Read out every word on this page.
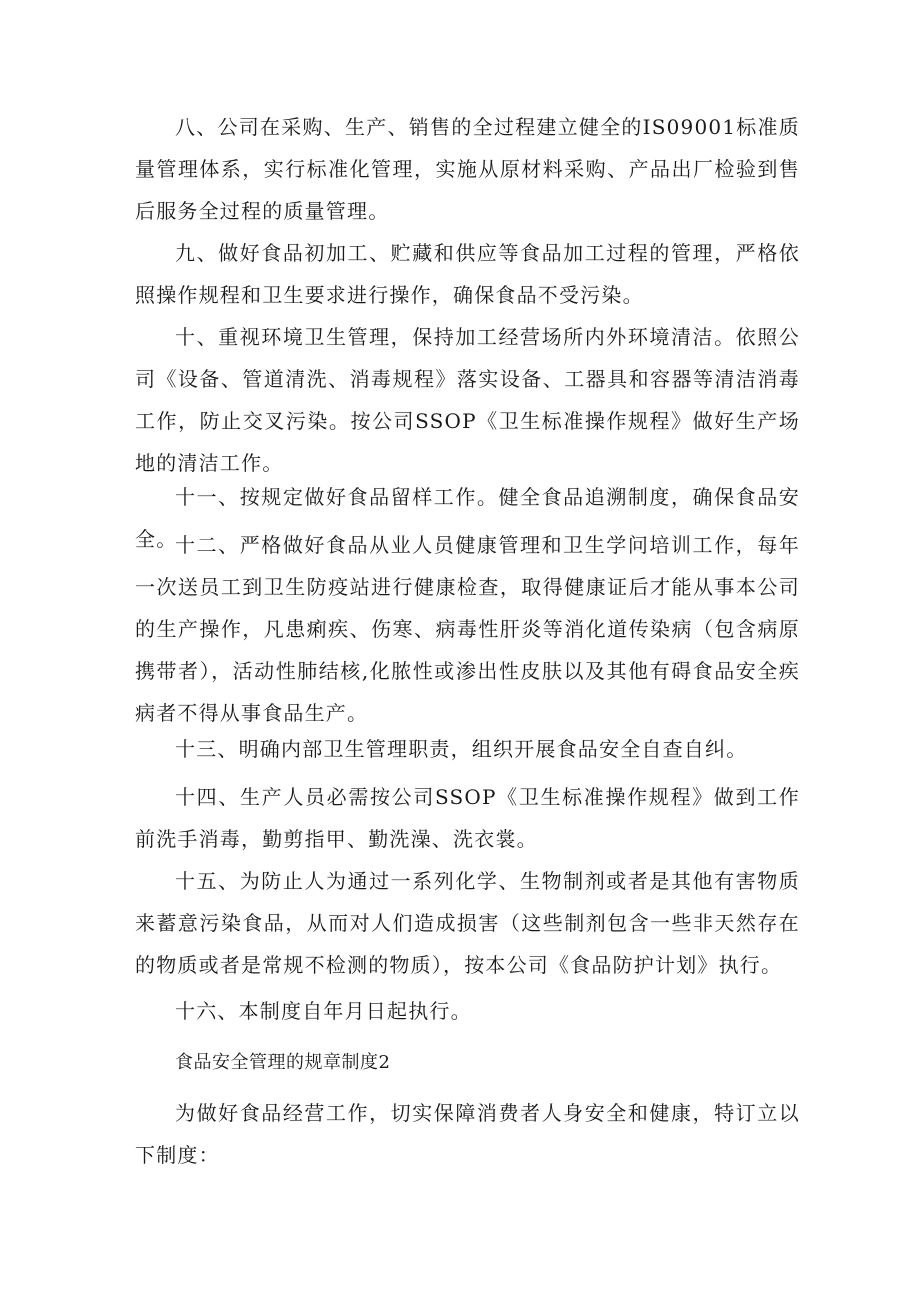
八、公司在采购、生产、销售的全过程建立健全的IS09001标准质量管理体系，实行标准化管理，实施从原材料采购、产品出厂检验到售后服务全过程的质量管理。

九、做好食品初加工、贮藏和供应等食品加工过程的管理，严格依照操作规程和卫生要求进行操作，确保食品不受污染。

十、重视环境卫生管理，保持加工经营场所内外环境清洁。依照公司《设备、管道清洗、消毒规程》落实设备、工器具和容器等清洁消毒工作，防止交叉污染。按公司SSOP《卫生标准操作规程》做好生产场地的清洁工作。

十一、按规定做好食品留样工作。健全食品追溯制度，确保食品安全。

十二、严格做好食品从业人员健康管理和卫生学问培训工作，每年一次送员工到卫生防疫站进行健康检查，取得健康证后才能从事本公司的生产操作，凡患痢疾、伤寒、病毒性肝炎等消化道传染病（包含病原携带者），活动性肺结核,化脓性或渗出性皮肤以及其他有碍食品安全疾病者不得从事食品生产。

十三、明确内部卫生管理职责，组织开展食品安全自查自纠。

十四、生产人员必需按公司SSOP《卫生标准操作规程》做到工作前洗手消毒，勤剪指甲、勤洗澡、洗衣裳。

十五、为防止人为通过一系列化学、生物制剂或者是其他有害物质来蓄意污染食品，从而对人们造成损害（这些制剂包含一些非天然存在的物质或者是常规不检测的物质），按本公司《食品防护计划》执行。

十六、本制度自年月日起执行。

食品安全管理的规章制度2

为做好食品经营工作，切实保障消费者人身安全和健康，特订立以下制度：
